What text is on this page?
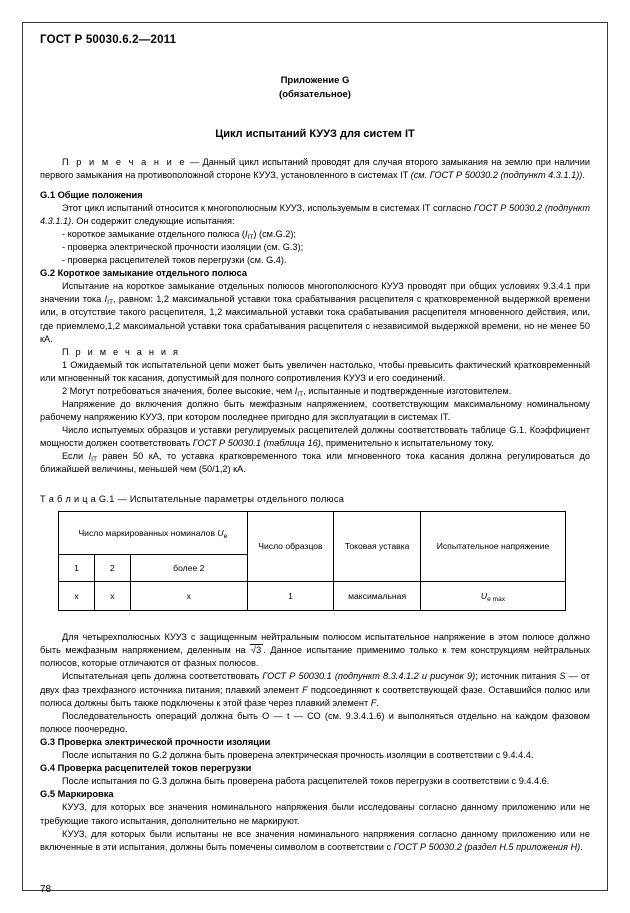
ГОСТ Р 50030.6.2—2011
Приложение G
(обязательное)
Цикл испытаний КУУЗ для систем IT

П р и м е ч а н и е — Данный цикл испытаний проводят для случая второго замыкания на землю при наличии первого замыкания на противоположной стороне КУУЗ, установленного в системах IT (см. ГОСТ Р 50030.2 (подпункт 4.3.1.1)).

G.1 Общие положения

Этот цикл испытаний относится к многополюсным КУУЗ, используемым в системах IT согласно ГОСТ Р 50030.2 (подпункт 4.3.1.1). Он содержит следующие испытания:

- короткое замыкание отдельного полюса $(I_{IT})$ (см.G.2);

- проверка электрической прочности изоляции (см. G.3);

- проверка расцепителей токов перегрузки (см. G.4).

G.2 Короткое замыкание отдельного полюса

Испытание на короткое замыкание отдельных полюсов многополюсного КУУЗ проводят при общих условиях 9.3.4.1 при значении тока $I_{IT}$, равном: 1,2 максимальной уставки тока срабатывания расцепителя с кратковременной выдержкой времени или, в отсутствие такого расцепителя, 1,2 максимальной уставки тока срабатывания расцепителя мгновенного действия, или, где приемлемо,1,2 максимальной уставки тока срабатывания расцепителя с независимой выдержкой времени, но не менее 50 кА.

П р и м е ч а н и я

1 Ожидаемый ток испытательной цепи может быть увеличен настолько, чтобы превысить фактический кратковременный или мгновенный ток касания, допустимый для полного сопротивления КУУЗ и его соединений.

2 Могут потребоваться значения, более высокие, чем $I_{IT}$, испытанные и подтвержденные изготовителем.

Напряжение до включения должно быть межфазным напряжением, соответствующим максимальному номинальному рабочему напряжению КУУЗ, при котором последнее пригодно для эксплуатации в системах IT.

Число испытуемых образцов и уставки регулируемых расцепителей должны соответствовать таблице G.1. Коэффициент мощности должен соответствовать ГОСТ Р 50030.1 (таблица 16), применительно к испытательному току.

Если $I_{IT}$ равен 50 кА, то уставка кратковременного тока или мгновенного тока касания должна регулироваться до ближайшей величины, меньшей чем (50/1,2) кА.

Т а б л и ц а G.1 — Испытательные параметры отдельного полюса
Число маркированных номиналов $U_e$			Число образцов	Токовая уставка	Испытательное напряжение
1	2	более 2			
x	x	x	1	максимальная	$U_{e max}$

Для четырехполюсных КУУЗ с защищенным нейтральным полюсом испытательное напряжение в этом полюсе должно быть межфазным напряжением, деленным на √3 . Данное испытание применимо только к тем конструкциям нейтральных полюсов, которые отличаются от фазных полюсов.

Испытательная цепь должна соответствовать ГОСТ Р 50030.1 (подпункт 8.3.4.1.2 и рисунок 9); источник питания S — от двух фаз трехфазного источника питания; плавкий элемент F подсоединяют к соответствующей фазе. Оставшийся полюс или полюса должны быть также подключены к этой фазе через плавкий элемент F.

Последовательность операций должна быть О — t — СО (см. 9.3.4.1.6) и выполняться отдельно на каждом фазовом полюсе поочередно.

G.3 Проверка электрической прочности изоляции

После испытания по G.2 должна быть проверена электрическая прочность изоляции в соответствии с 9.4.4.4.

G.4 Проверка расцепителей токов перегрузки

После испытания по G.3 должна быть проверена работа расцепителей токов перегрузки в соответствии с 9.4.4.6.

G.5 Маркировка

КУУЗ, для которых все значения номинального напряжения были исследованы согласно данному приложению или не требующие такого испытания, дополнительно не маркируют.

КУУЗ, для которых были испытаны не все значения номинального напряжения согласно данному приложению или не включенные в эти испытания, должны быть помечены символом в соответствии с ГОСТ Р 50030.2 (раздел Н.5 приложения Н).

78
